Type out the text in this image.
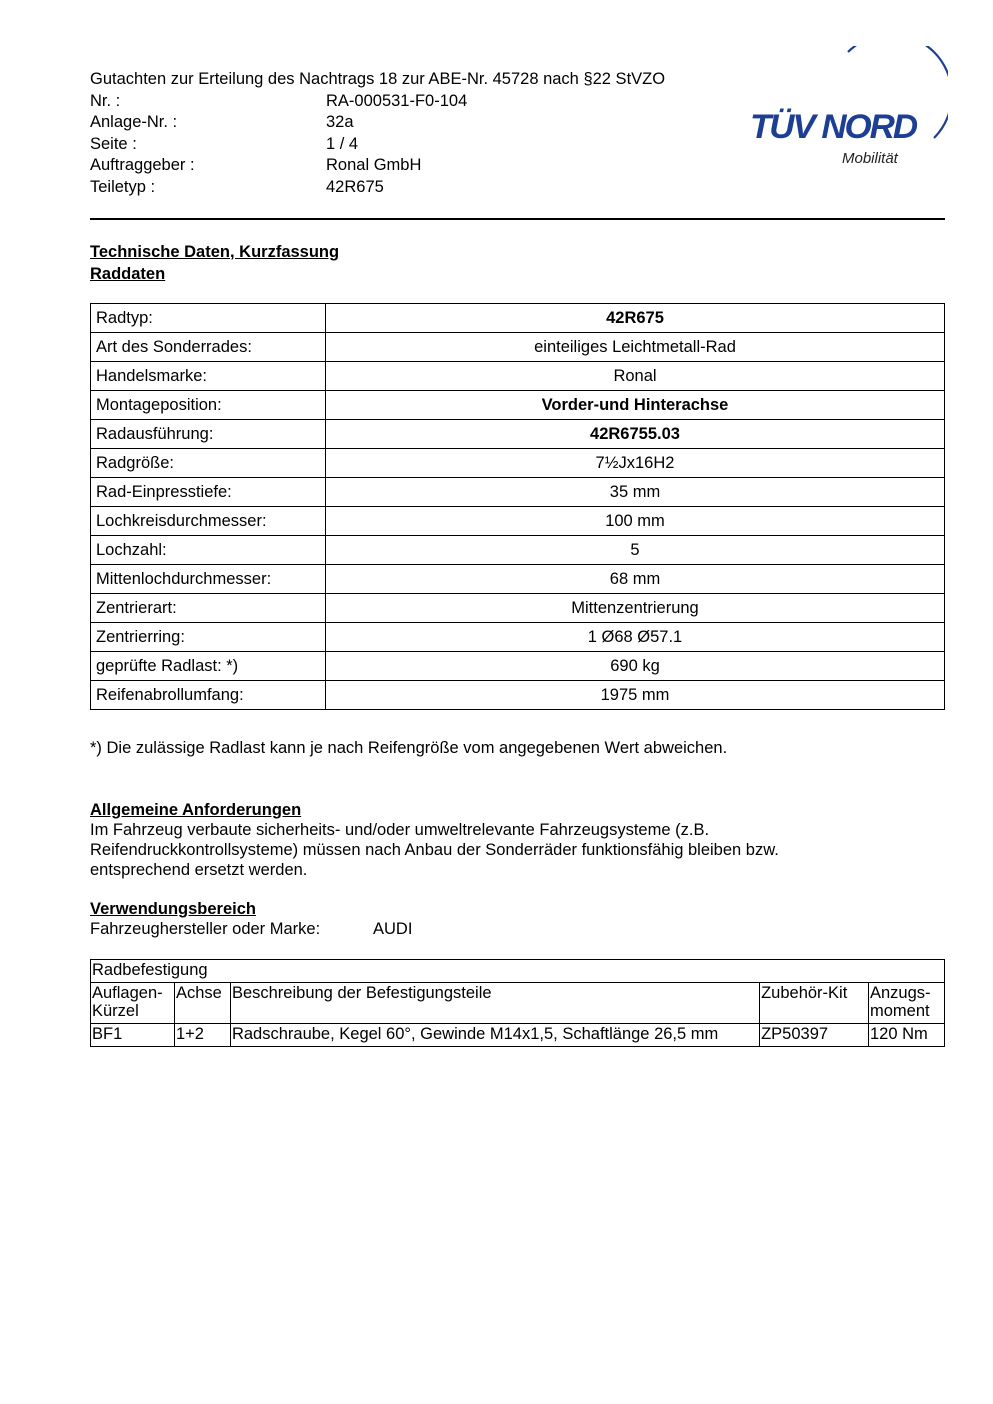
Gutachten zur Erteilung des Nachtrags 18 zur ABE-Nr. 45728 nach §22 StVZO
Nr. :	RA-000531-F0-104
Anlage-Nr. :	32a
Seite :	1 / 4
Auftraggeber :	Ronal GmbH
Teiletyp :	42R675
TÜV NORD
Mobilität
Technische Daten, Kurzfassung
Raddaten
Radtyp:	42R675
Art des Sonderrades:	einteiliges Leichtmetall-Rad
Handelsmarke:	Ronal
Montageposition:	Vorder-und Hinterachse
Radausführung:	42R6755.03
Radgröße:	7½Jx16H2
Rad-Einpresstiefe:	35 mm
Lochkreisdurchmesser:	100 mm
Lochzahl:	5
Mittenlochdurchmesser:	68 mm
Zentrierart:	Mittenzentrierung
Zentrierring:	1 Ø68 Ø57.1
geprüfte Radlast: *)	690 kg
Reifenabrollumfang:	1975 mm
*) Die zulässige Radlast kann je nach Reifengröße vom angegebenen Wert abweichen.
Allgemeine Anforderungen
Im Fahrzeug verbaute sicherheits- und/oder umweltrelevante Fahrzeugsysteme (z.B.
Reifendruckkontrollsysteme) müssen nach Anbau der Sonderräder funktionsfähig bleiben bzw.
entsprechend ersetzt werden.
Verwendungsbereich
Fahrzeughersteller oder Marke:	AUDI
Radbefestigung				
Auflagen-
Kürzel	Achse	Beschreibung der Befestigungsteile	Zubehör-Kit	Anzugs-
moment
BF1	1+2	Radschraube, Kegel 60°, Gewinde M14x1,5, Schaftlänge 26,5 mm	ZP50397	120 Nm
